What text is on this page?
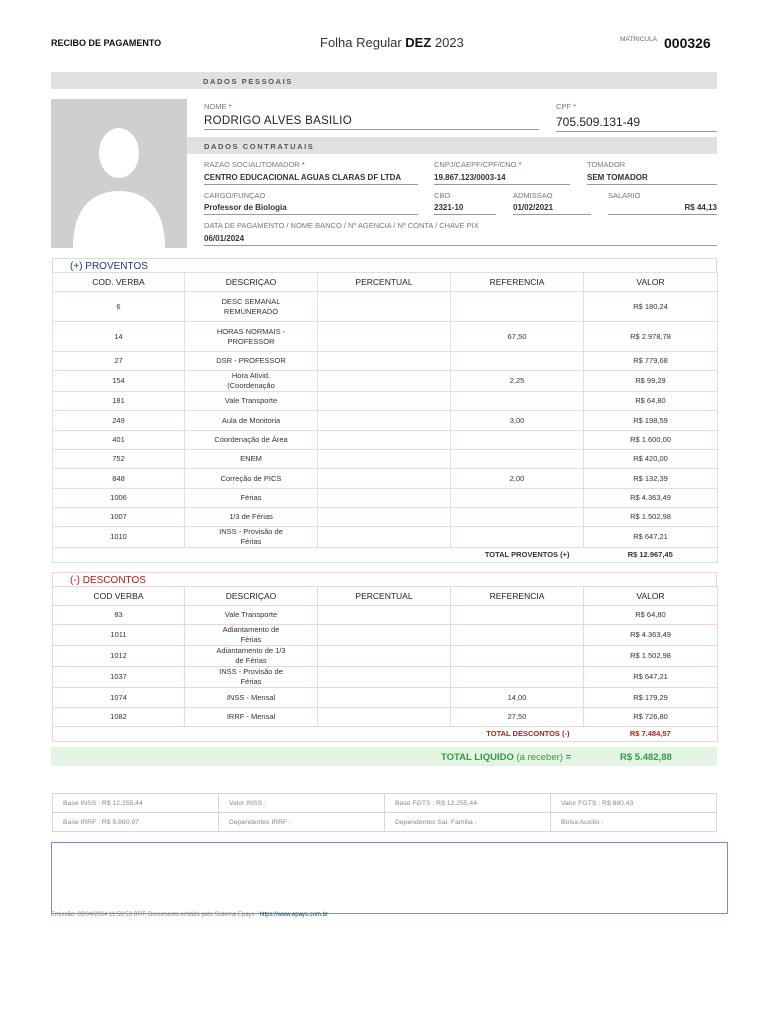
RECIBO DE PAGAMENTO	Folha Regular DEZ 2023	MATRICULA 000326
DADOS PESSOAIS
NOME *
RODRIGO ALVES BASILIO
CPF *
705.509.131-49
DADOS CONTRATUAIS
RAZAO SOCIAL/TOMADOR *
CENTRO EDUCACIONAL AGUAS CLARAS DF LTDA
CNPJ/CAEPF/CPF/CNO *
19.867.123/0003-14
TOMADOR
SEM TOMADOR
CARGO/FUNÇAO
Professor de Biologia
CBO
2321-10
ADMISSAO
01/02/2021
SALARIO
R$ 44,13
DATA DE PAGAMENTO / NOME BANCO / Nº AGENCIA / Nº CONTA / CHAVE PIX
06/01/2024
(+) PROVENTOS
COD. VERBA	DESCRIÇAO	PERCENTUAL	REFERENCIA	VALOR
6	DESC SEMANAL REMUNERADO			R$ 180,24
14	HORAS NORMAIS - PROFESSOR		67,50	R$ 2.978,78
27	DSR - PROFESSOR			R$ 779,68
154	Hora Ativid. (Coordenação		2,25	R$ 99,29
181	Vale Transporte			R$ 64,80
249	Aula de Monitoria		3,00	R$ 198,59
401	Coordenação de Área			R$ 1.600,00
752	ENEM			R$ 420,00
848	Correção de PICS		2,00	R$ 132,39
1006	Férias			R$ 4.363,49
1007	1/3 de Férias			R$ 1.502,98
1010	INSS - Provisão de Férias			R$ 647,21
			TOTAL PROVENTOS (+)	R$ 12.967,45
(-) DESCONTOS
COD VERBA	DESCRIÇAO	PERCENTUAL	REFERENCIA	VALOR
83	Vale Transporte			R$ 64,80
1011	Adiantamento de Férias			R$ 4.363,49
1012	Adiantamento de 1/3 de Férias			R$ 1.502,98
1037	INSS - Provisão de Férias			R$ 647,21
1074	INSS - Mensal		14,00	R$ 179,29
1082	IRRF - Mensal		27,50	R$ 726,80
			TOTAL DESCONTOS (-)	R$ 7.484,57
TOTAL LIQUIDO (a receber) =	R$ 5.482,88
Base INSS : R$ 12.255,44	Valor INSS :	Base FGTS : R$ 12.255,44	Valor FGTS : R$ 980,43
Base IRRF : R$ 5.860,97	Dependentes IRRF :	Dependentes Sal. Familia :	Bolsa Auxilio :
Emissão: 09/04/2024 11:58:53 BRT, Documento emitido pelo Sistema Epays : https://www.epays.com.br
